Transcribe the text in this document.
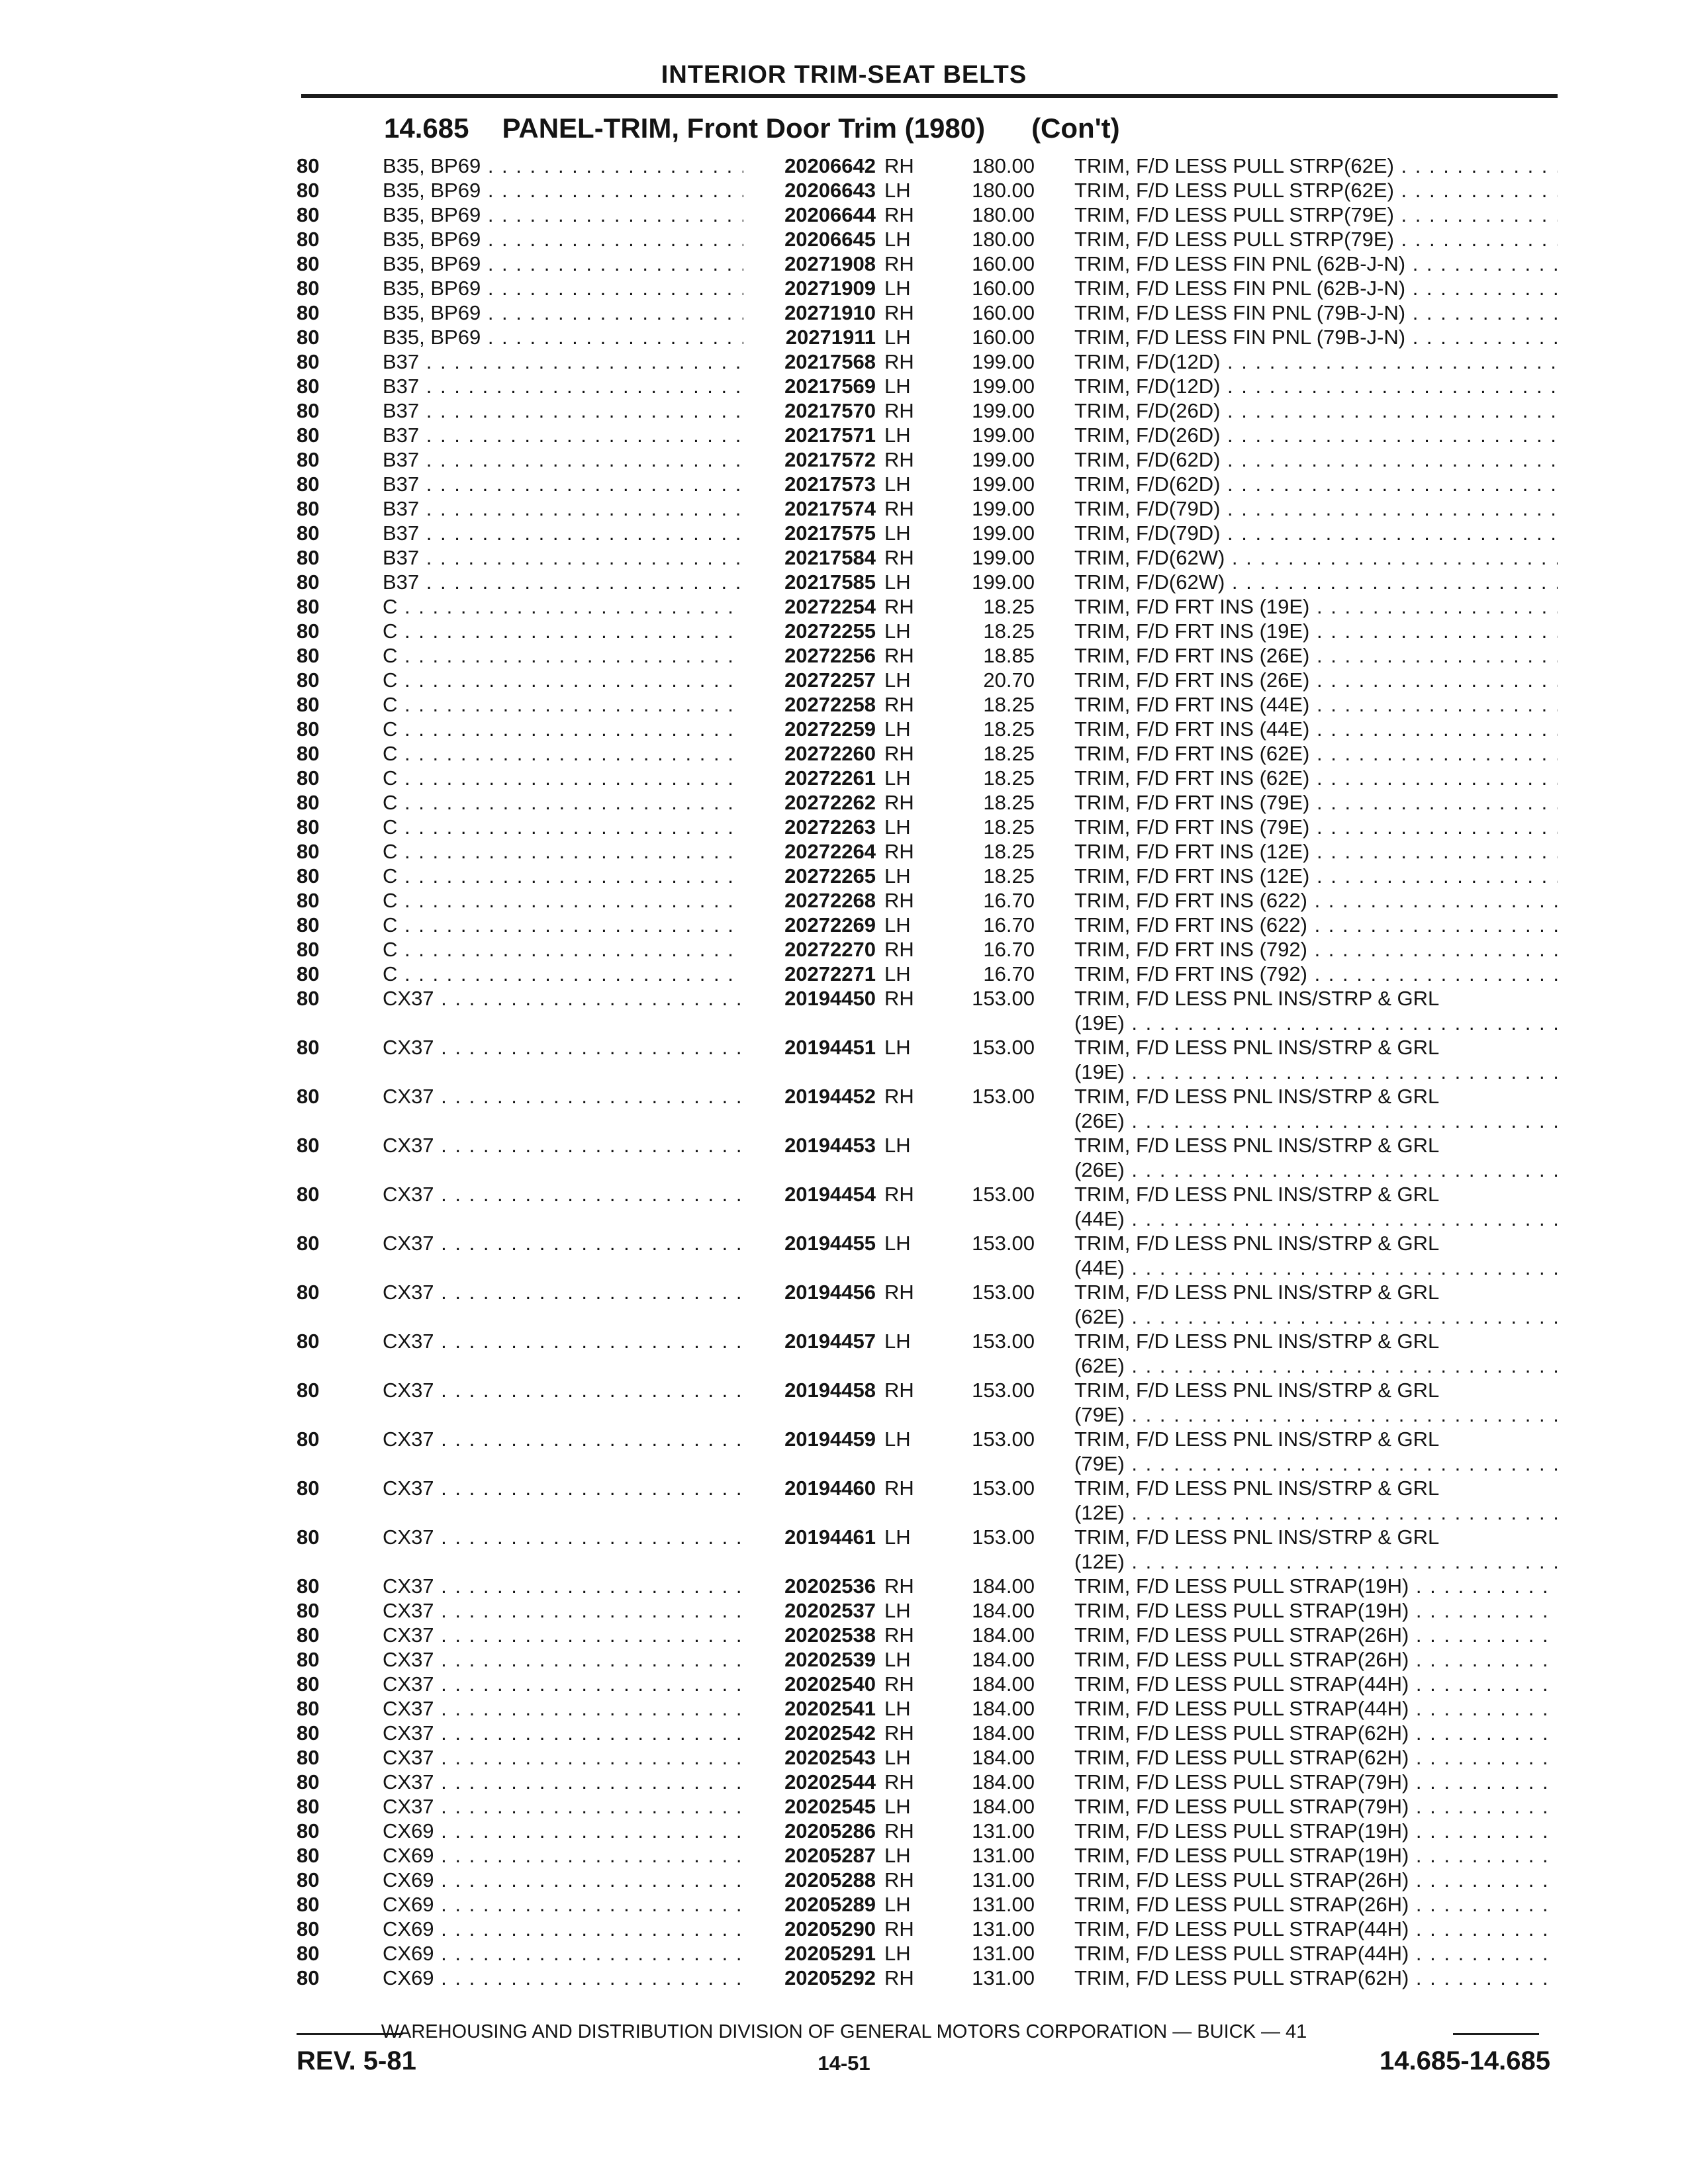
INTERIOR TRIM-SEAT BELTS
14.685 PANEL-TRIM, Front Door Trim (1980) (Con't)
80	B35, BP69 . . .	20206642 RH	180.00 TRIM, F/D LESS PULL STRP(62E) . . .
80	B35, BP69 . . .	20206643 LH	180.00 TRIM, F/D LESS PULL STRP(62E) . . .
80	B35, BP69 . . .	20206644 RH	180.00 TRIM, F/D LESS PULL STRP(79E) . . .
80	B35, BP69 . . .	20206645 LH	180.00 TRIM, F/D LESS PULL STRP(79E) . . .
80	B35, BP69 . . .	20271908 RH	160.00 TRIM, F/D LESS FIN PNL (62B-J-N) . . .
80	B35, BP69 . . .	20271909 LH	160.00 TRIM, F/D LESS FIN PNL (62B-J-N) . . .
80	B35, BP69 . . .	20271910 RH	160.00 TRIM, F/D LESS FIN PNL (79B-J-N) . . .
80	B35, BP69 . . .	20271911 LH	160.00 TRIM, F/D LESS FIN PNL (79B-J-N) . . .
80	B37 . . .	20217568 RH	199.00 TRIM, F/D(12D) . . .
80	B37 . . .	20217569 LH	199.00 TRIM, F/D(12D) . . .
80	B37 . . .	20217570 RH	199.00 TRIM, F/D(26D) . . .
80	B37 . . .	20217571 LH	199.00 TRIM, F/D(26D) . . .
80	B37 . . .	20217572 RH	199.00 TRIM, F/D(62D) . . .
80	B37 . . .	20217573 LH	199.00 TRIM, F/D(62D) . . .
80	B37 . . .	20217574 RH	199.00 TRIM, F/D(79D) . . .
80	B37 . . .	20217575 LH	199.00 TRIM, F/D(79D) . . .
80	B37 . . .	20217584 RH	199.00 TRIM, F/D(62W) . . .
80	B37 . . .	20217585 LH	199.00 TRIM, F/D(62W) . . .
80	C . . .	20272254 RH	18.25 TRIM, F/D FRT INS (19E) . . .
80	C . . .	20272255 LH	18.25 TRIM, F/D FRT INS (19E) . . .
80	C . . .	20272256 RH	18.85 TRIM, F/D FRT INS (26E) . . .
80	C . . .	20272257 LH	20.70 TRIM, F/D FRT INS (26E) . . .
80	C . . .	20272258 RH	18.25 TRIM, F/D FRT INS (44E) . . .
80	C . . .	20272259 LH	18.25 TRIM, F/D FRT INS (44E) . . .
80	C . . .	20272260 RH	18.25 TRIM, F/D FRT INS (62E) . . .
80	C . . .	20272261 LH	18.25 TRIM, F/D FRT INS (62E) . . .
80	C . . .	20272262 RH	18.25 TRIM, F/D FRT INS (79E) . . .
80	C . . .	20272263 LH	18.25 TRIM, F/D FRT INS (79E) . . .
80	C . . .	20272264 RH	18.25 TRIM, F/D FRT INS (12E) . . .
80	C . . .	20272265 LH	18.25 TRIM, F/D FRT INS (12E) . . .
80	C . . .	20272268 RH	16.70 TRIM, F/D FRT INS (622) . . .
80	C . . .	20272269 LH	16.70 TRIM, F/D FRT INS (622) . . .
80	C . . .	20272270 RH	16.70 TRIM, F/D FRT INS (792) . . .
80	C . . .	20272271 LH	16.70 TRIM, F/D FRT INS (792) . . .
80	CX37 . . .	20194450 RH	153.00 TRIM, F/D LESS PNL INS/STRP & GRL
(19E) . . .
80	CX37 . . .	20194451 LH	153.00 TRIM, F/D LESS PNL INS/STRP & GRL
(19E) . . .
80	CX37 . . .	20194452 RH	153.00 TRIM, F/D LESS PNL INS/STRP & GRL
(26E) . . .
80	CX37 . . .	20194453 LH	TRIM, F/D LESS PNL INS/STRP & GRL
(26E) . . .
80	CX37 . . .	20194454 RH	153.00 TRIM, F/D LESS PNL INS/STRP & GRL
(44E) . . .
80	CX37 . . .	20194455 LH	153.00 TRIM, F/D LESS PNL INS/STRP & GRL
(44E) . . .
80	CX37 . . .	20194456 RH	153.00 TRIM, F/D LESS PNL INS/STRP & GRL
(62E) . . .
80	CX37 . . .	20194457 LH	153.00 TRIM, F/D LESS PNL INS/STRP & GRL
(62E) . . .
80	CX37 . . .	20194458 RH	153.00 TRIM, F/D LESS PNL INS/STRP & GRL
(79E) . . .
80	CX37 . . .	20194459 LH	153.00 TRIM, F/D LESS PNL INS/STRP & GRL
(79E) . . .
80	CX37 . . .	20194460 RH	153.00 TRIM, F/D LESS PNL INS/STRP & GRL
(12E) . . .
80	CX37 . . .	20194461 LH	153.00 TRIM, F/D LESS PNL INS/STRP & GRL
(12E) . . .
80	CX37 . . .	20202536 RH	184.00 TRIM, F/D LESS PULL STRAP(19H) . . .
80	CX37 . . .	20202537 LH	184.00 TRIM, F/D LESS PULL STRAP(19H) . . .
80	CX37 . . .	20202538 RH	184.00 TRIM, F/D LESS PULL STRAP(26H) . . .
80	CX37 . . .	20202539 LH	184.00 TRIM, F/D LESS PULL STRAP(26H) . . .
80	CX37 . . .	20202540 RH	184.00 TRIM, F/D LESS PULL STRAP(44H) . . .
80	CX37 . . .	20202541 LH	184.00 TRIM, F/D LESS PULL STRAP(44H) . . .
80	CX37 . . .	20202542 RH	184.00 TRIM, F/D LESS PULL STRAP(62H) . . .
80	CX37 . . .	20202543 LH	184.00 TRIM, F/D LESS PULL STRAP(62H) . . .
80	CX37 . . .	20202544 RH	184.00 TRIM, F/D LESS PULL STRAP(79H) . . .
80	CX37 . . .	20202545 LH	184.00 TRIM, F/D LESS PULL STRAP(79H) . . .
80	CX69 . . .	20205286 RH	131.00 TRIM, F/D LESS PULL STRAP(19H) . . .
80	CX69 . . .	20205287 LH	131.00 TRIM, F/D LESS PULL STRAP(19H) . . .
80	CX69 . . .	20205288 RH	131.00 TRIM, F/D LESS PULL STRAP(26H) . . .
80	CX69 . . .	20205289 LH	131.00 TRIM, F/D LESS PULL STRAP(26H) . . .
80	CX69 . . .	20205290 RH	131.00 TRIM, F/D LESS PULL STRAP(44H) . . .
80	CX69 . . .	20205291 LH	131.00 TRIM, F/D LESS PULL STRAP(44H) . . .
80	CX69 . . .	20205292 RH	131.00 TRIM, F/D LESS PULL STRAP(62H) . . .
WAREHOUSING AND DISTRIBUTION DIVISION OF GENERAL MOTORS CORPORATION — BUICK — 41
REV. 5-81	14-51	14.685-14.685
